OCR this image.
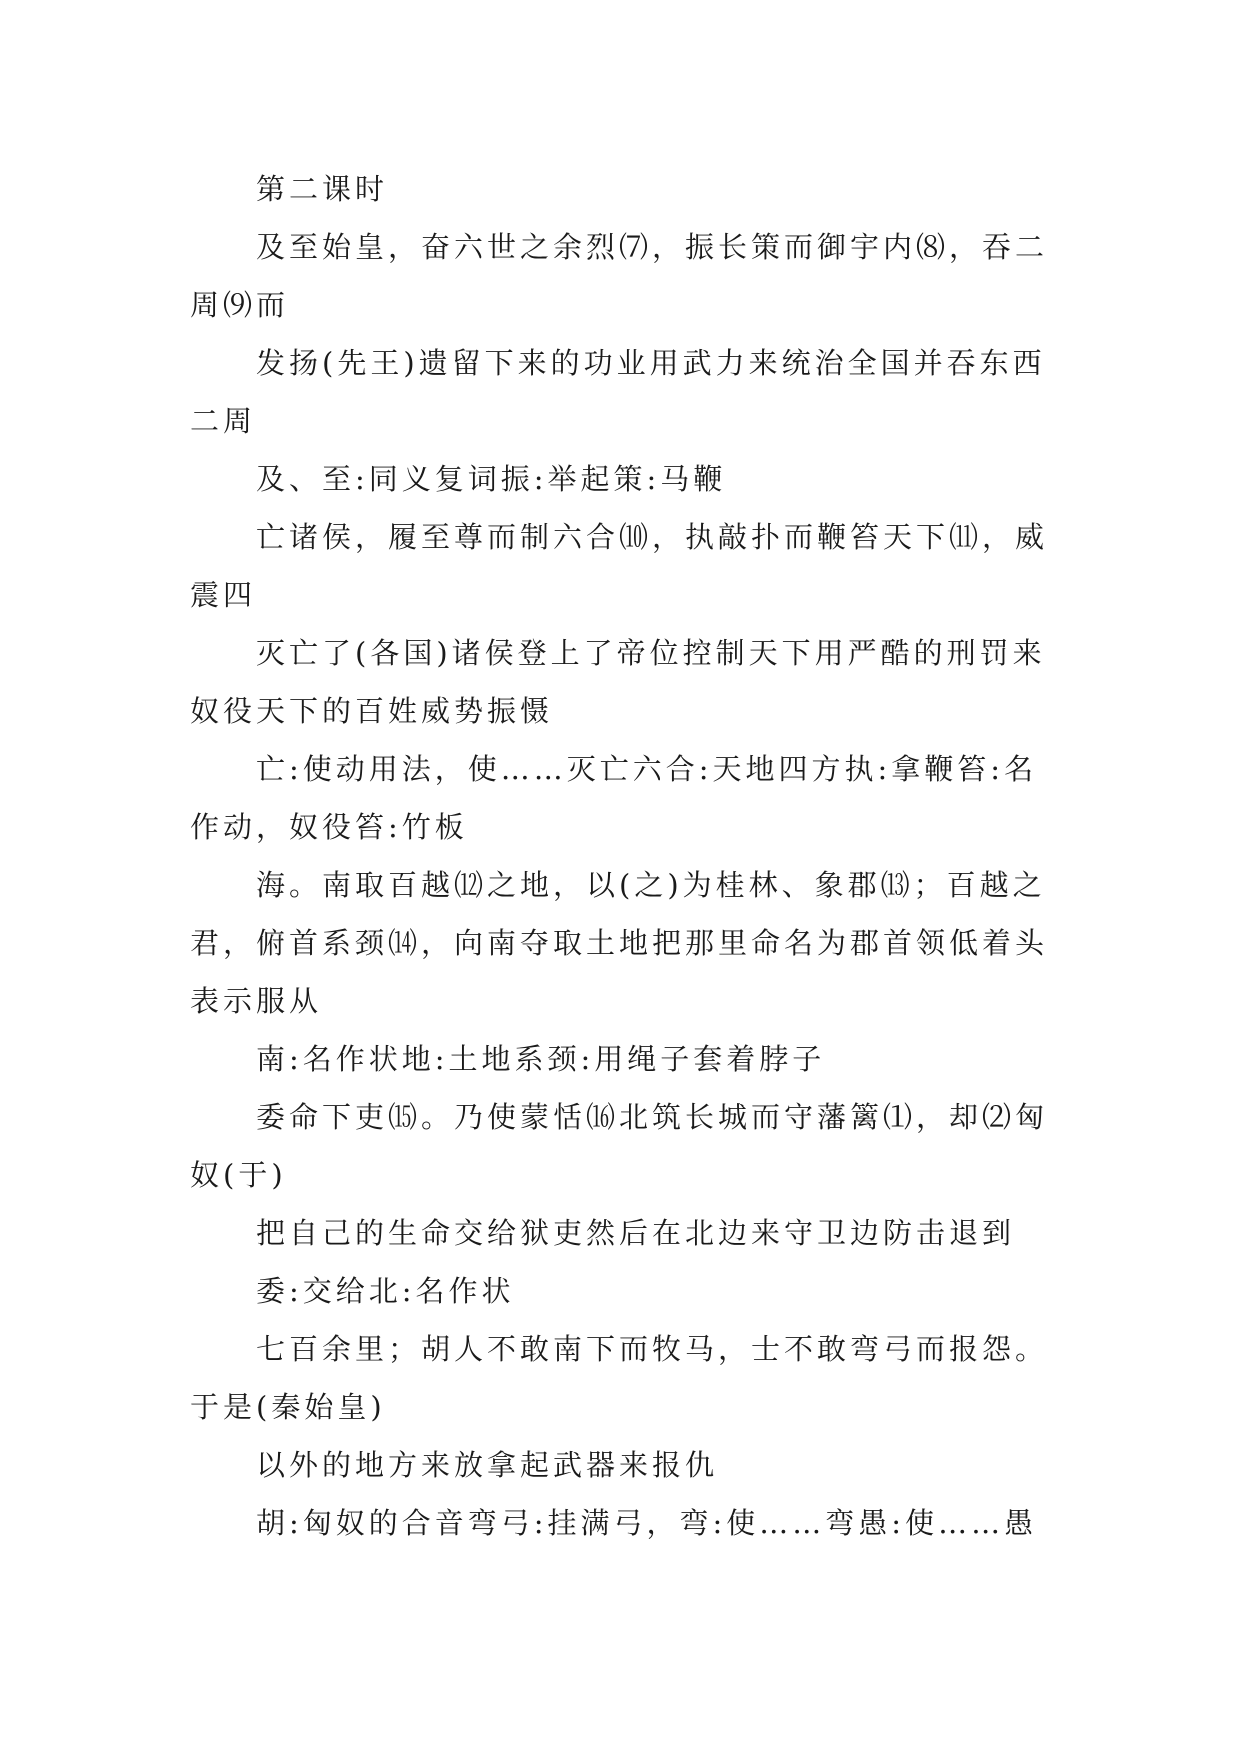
第二课时

及至始皇，奋六世之余烈⑺，振长策而御宇内⑻，吞二周⑼而

发扬(先王)遗留下来的功业用武力来统治全国并吞东西二周

及、至:同义复词振:举起策:马鞭

亡诸侯，履至尊而制六合⑽，执敲扑而鞭笞天下⑾，威震四

灭亡了(各国)诸侯登上了帝位控制天下用严酷的刑罚来奴役天下的百姓威势振慑

亡:使动用法，使……灭亡六合:天地四方执:拿鞭笞:名作动，奴役笞:竹板

海。南取百越⑿之地，以(之)为桂林、象郡⒀；百越之君，俯首系颈⒁，向南夺取土地把那里命名为郡首领低着头表示服从

南:名作状地:土地系颈:用绳子套着脖子

委命下吏⒂。乃使蒙恬⒃北筑长城而守藩篱⑴，却⑵匈奴(于)

把自己的生命交给狱吏然后在北边来守卫边防击退到

委:交给北:名作状

七百余里；胡人不敢南下而牧马，士不敢弯弓而报怨。于是(秦始皇)

以外的地方来放拿起武器来报仇

胡:匈奴的合音弯弓:挂满弓，弯:使……弯愚:使……愚
